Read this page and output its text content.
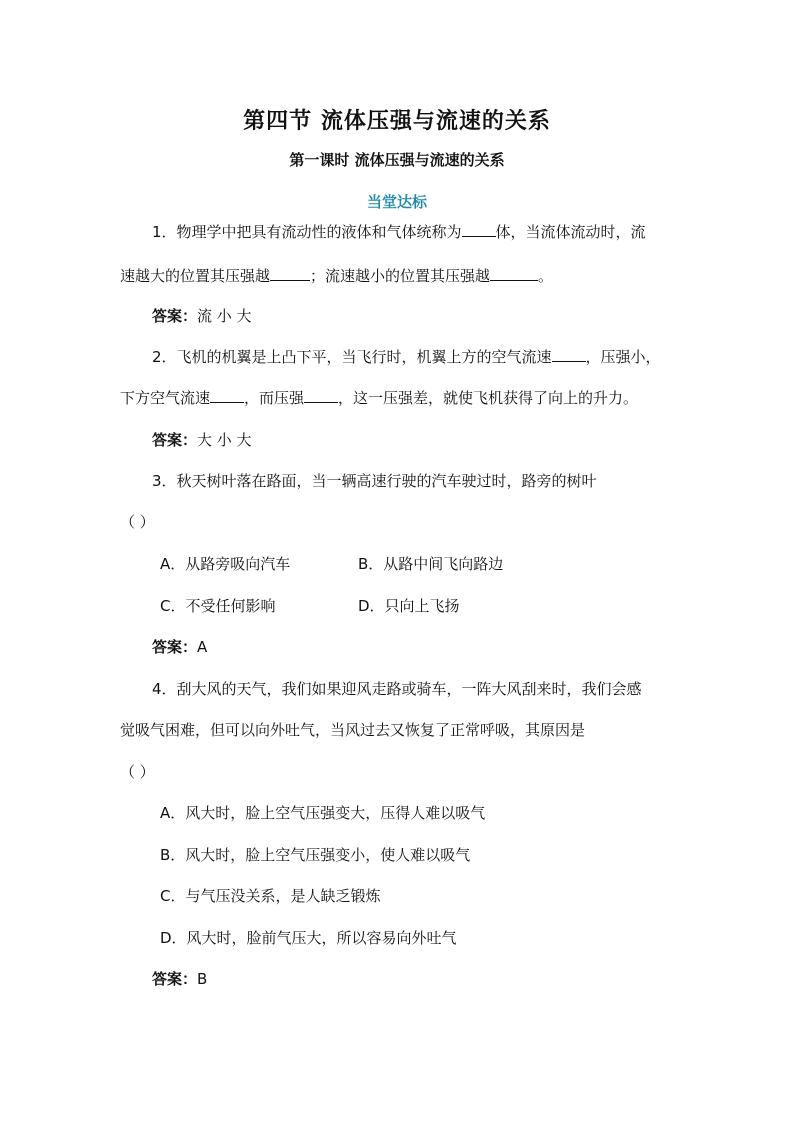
第四节 流体压强与流速的关系
第一课时 流体压强与流速的关系
当堂达标
1．物理学中把具有流动性的液体和气体统称为 体，当流体流动时，流
速越大的位置其压强越	；流速越小的位置其压强越	。
答案：流 小 大
2．飞机的机翼是上凸下平，当飞行时，机翼上方的空气流速 ，压强小，
下方空气流速 ，而压强 ，这一压强差，就使飞机获得了向上的升力。
答案：大 小 大
3．秋天树叶落在路面，当一辆高速行驶的汽车驶过时，路旁的树叶
（ ）
A．从路旁吸向汽车	B．从路中间飞向路边
C．不受任何影响	D．只向上飞扬
答案：A
4．刮大风的天气，我们如果迎风走路或骑车，一阵大风刮来时，我们会感
觉吸气困难，但可以向外吐气，当风过去又恢复了正常呼吸，其原因是
（ ）
A．风大时，脸上空气压强变大，压得人难以吸气
B．风大时，脸上空气压强变小，使人难以吸气
C．与气压没关系，是人缺乏锻炼
D．风大时，脸前气压大，所以容易向外吐气
答案：B
